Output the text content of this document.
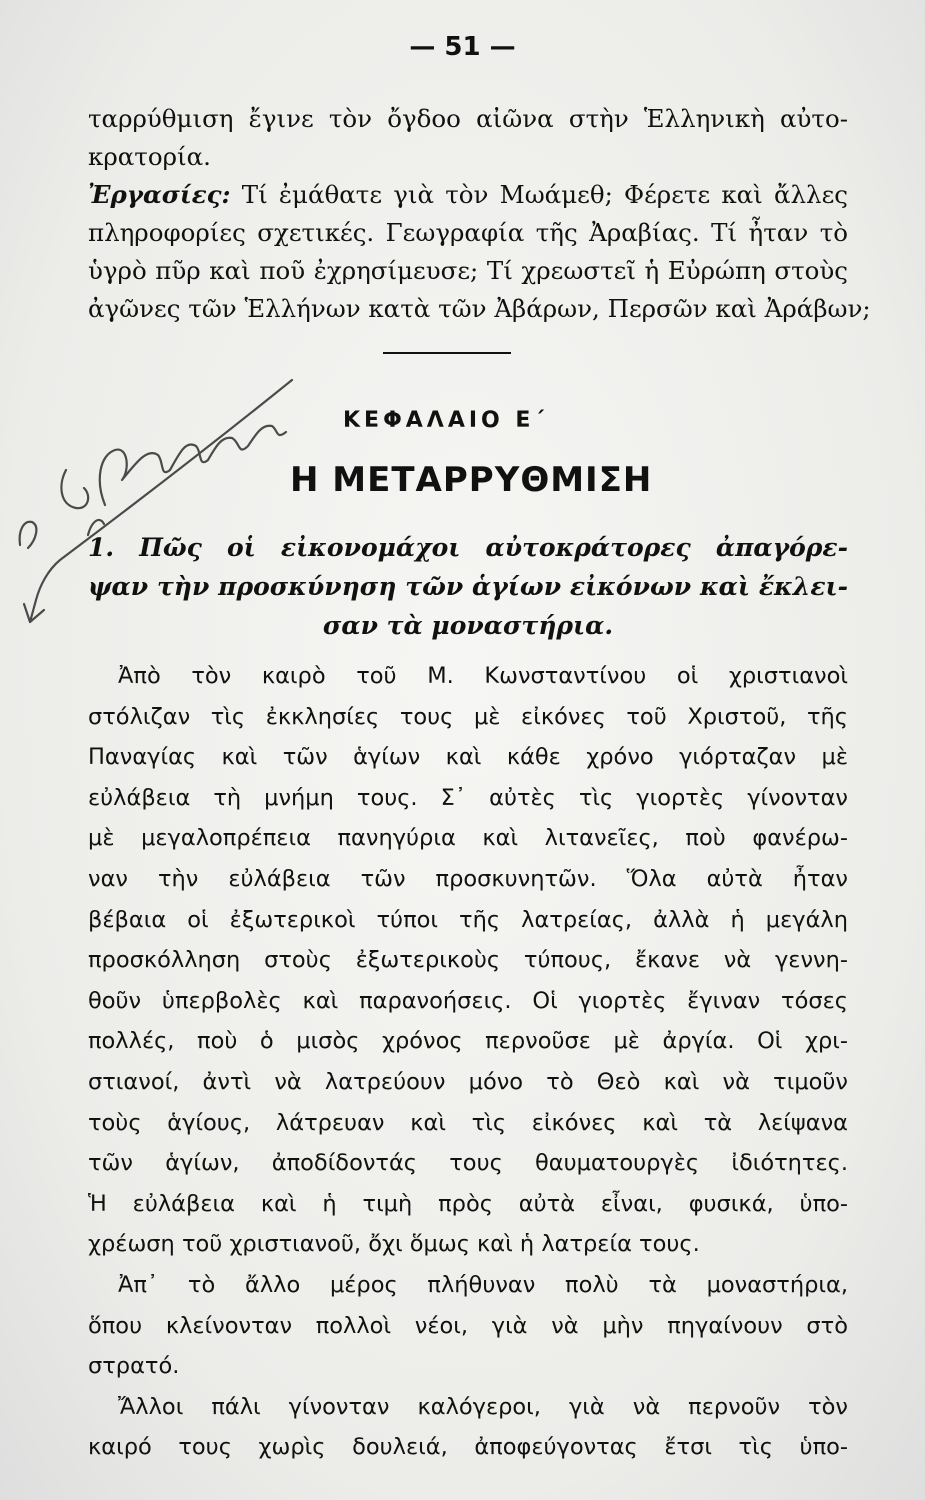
— 51 —
ταρρύθμιση ἔγινε τὸν ὄγδοο αἰῶνα στὴν Ἑλληνικὴ αὐτο-
κρατορία.
Ἐργασίες: Τί ἐμάθατε γιὰ τὸν Μωάμεθ; Φέρετε καὶ ἄλλες
πληροφορίες σχετικές. Γεωγραφία τῆς Ἀραβίας. Τί ἦταν τὸ
ὑγρὸ πῦρ καὶ ποῦ ἐχρησίμευσε; Τί χρεωστεῖ ἡ Εὐρώπη στοὺς
ἀγῶνες τῶν Ἑλλήνων κατὰ τῶν Ἀβάρων, Περσῶν καὶ Ἀράβων;
ΚΕΦΑΛΑΙΟ Ε΄
Η ΜΕΤΑΡΡΥΘΜΙΣΗ
1. Πῶς οἱ εἰκονομάχοι αὐτοκράτορες ἀπαγόρε-
ψαν τὴν προσκύνηση τῶν ἁγίων εἰκόνων καὶ ἔκλει-
σαν τὰ μοναστήρια.
Ἀπὸ τὸν καιρὸ τοῦ Μ. Κωνσταντίνου οἱ χριστιανοὶ
στόλιζαν τὶς ἐκκλησίες τους μὲ εἰκόνες τοῦ Χριστοῦ, τῆς
Παναγίας καὶ τῶν ἁγίων καὶ κάθε χρόνο γιόρταζαν μὲ
εὐλάβεια τὴ μνήμη τους. Σ᾽ αὐτὲς τὶς γιορτὲς γίνονταν
μὲ μεγαλοπρέπεια πανηγύρια καὶ λιτανεῖες, ποὺ φανέρω-
ναν τὴν εὐλάβεια τῶν προσκυνητῶν. Ὅλα αὐτὰ ἦταν
βέβαια οἱ ἐξωτερικοὶ τύποι τῆς λατρείας, ἀλλὰ ἡ μεγάλη
προσκόλληση στοὺς ἐξωτερικοὺς τύπους, ἔκανε νὰ γεννη-
θοῦν ὑπερβολὲς καὶ παρανοήσεις. Οἱ γιορτὲς ἔγιναν τόσες
πολλές, ποὺ ὁ μισὸς χρόνος περνοῦσε μὲ ἀργία. Οἱ χρι-
στιανοί, ἀντὶ νὰ λατρεύουν μόνο τὸ Θεὸ καὶ νὰ τιμοῦν
τοὺς ἁγίους, λάτρευαν καὶ τὶς εἰκόνες καὶ τὰ λείψανα
τῶν ἁγίων, ἀποδίδοντάς τους θαυματουργὲς ἰδιότητες.
Ἡ εὐλάβεια καὶ ἡ τιμὴ πρὸς αὐτὰ εἶναι, φυσικά, ὑπο-
χρέωση τοῦ χριστιανοῦ, ὄχι ὅμως καὶ ἡ λατρεία τους.
Ἀπ᾽ τὸ ἄλλο μέρος πλήθυναν πολὺ τὰ μοναστήρια,
ὅπου κλείνονταν πολλοὶ νέοι, γιὰ νὰ μὴν πηγαίνουν στὸ
στρατό.
Ἄλλοι πάλι γίνονταν καλόγεροι, γιὰ νὰ περνοῦν τὸν
καιρό τους χωρὶς δουλειά, ἀποφεύγοντας ἔτσι τὶς ὑπο-
